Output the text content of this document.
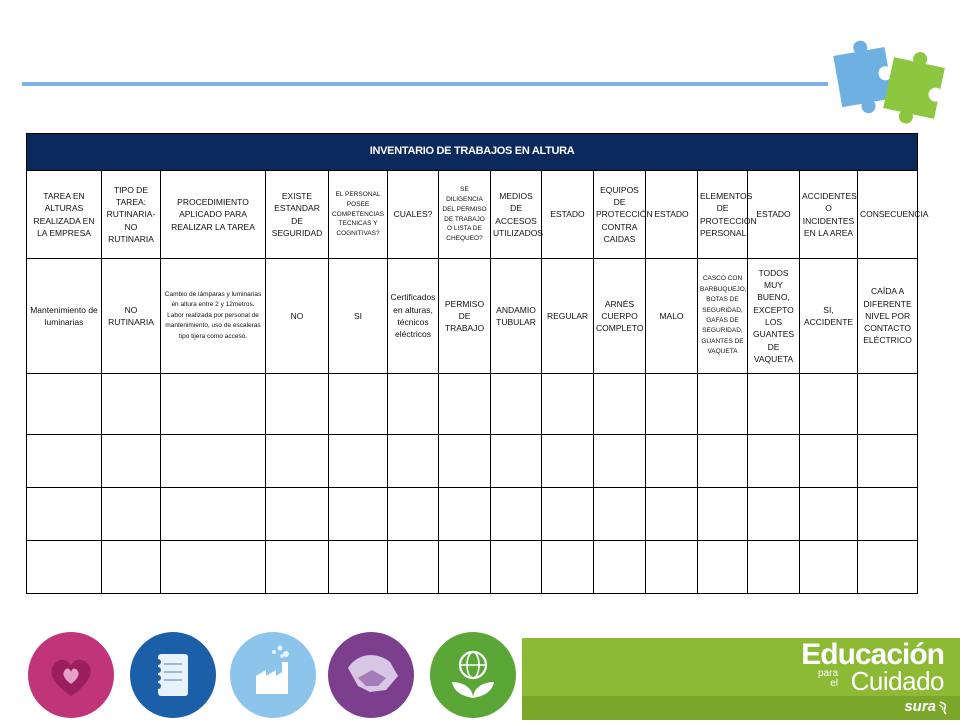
INVENTARIO DE TRABAJOS EN ALTURA														
TAREA EN ALTURAS REALIZADA EN LA EMPRESA	TIPO DE TAREA: RUTINARIA- NO RUTINARIA	PROCEDIMIENTO APLICADO PARA REALIZAR LA TAREA	EXISTE ESTANDAR DE SEGURIDAD	EL PERSONAL POSEE COMPETENCIAS TECNICAS Y COGNITIVAS?	CUALES?	SE DILIGENCIA DEL PERMISO DE TRABAJO O LISTA DE CHEQUEO?	MEDIOS DE ACCESOS UTILIZADOS	ESTADO	EQUIPOS DE PROTECCIÓN CONTRA CAIDAS	ESTADO	ELEMENTOS DE PROTECCIÓN PERSONAL	ESTADO	ACCIDENTES O INCIDENTES EN LA AREA	CONSECUENCIA
Mantenimiento de luminarias	NO RUTINARIA	Cambio de lámparas y luminarias en altura entre 2 y 12metros. Labor realizada por personal de mantenimiento, uso de escaleras tipo tijera como acceso.	NO	SI	Certificados en alturas, técnicos eléctricos	PERMISO DE TRABAJO	ANDAMIO TUBULAR	REGULAR	ARNÉS CUERPO COMPLETO	MALO	CASCO CON BARBUQUEJO, BOTAS DE SEGURIDAD, GAFAS DE SEGURIDAD, GUANTES DE VAQUETA	TODOS MUY BUENO, EXCEPTO LOS GUANTES DE VAQUETA	SI, ACCIDENTE	CAÍDA A DIFERENTE NIVEL POR CONTACTO ELÉCTRICO

Educación
para
el Cuidado
sura
